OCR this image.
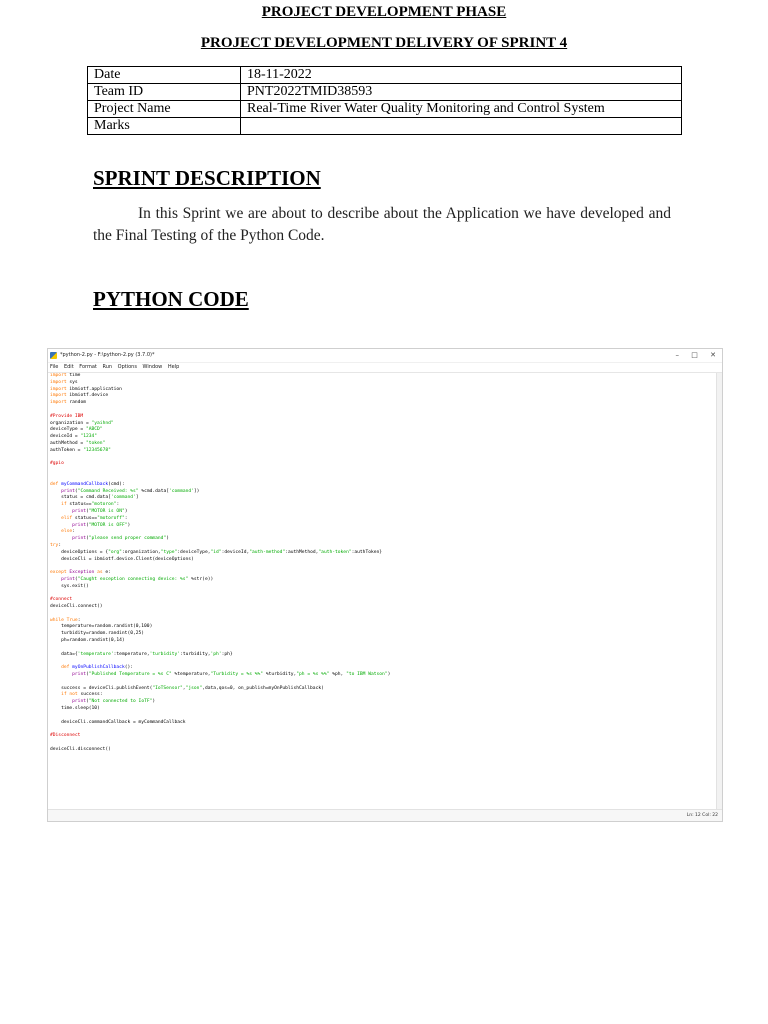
PROJECT DEVELOPMENT PHASE
PROJECT DEVELOPMENT DELIVERY OF SPRINT 4
Date	18-11-2022
Team ID	PNT2022TMID38593
Project Name	Real-Time River Water Quality Monitoring and Control System
Marks	
SPRINT DESCRIPTION
In this Sprint we are about to describe about the Application we have developed and the Final Testing of the Python Code.
PYTHON CODE
*python-2.py - F:\python-2.py (3.7.0)*	– □ ✕
File Edit Format Run Options Window Help
import time
import sys
import ibmiotf.application
import ibmiotf.device
import random

#Provide IBM
organization = "yaihnd"
deviceType = "ABCD"
deviceId = "1234"
authMethod = "token"
authToken = "12345678"

#gpio

def myCommandCallback(cmd):
print("Command Received: %s" %cmd.data['command'])
status = cmd.data['command']
if status=="motoron":
print("MOTOR is ON")
elif status=="motoroff":
print("MOTOR is OFF")
else:
print("please send proper command")
try:
deviceOptions = {"org":organization,"type":deviceType,"id":deviceId,"auth-method":authMethod,"auth-token":authToken}
deviceCli = ibmiotf.device.Client(deviceOptions)

except Exception as e:
print("Caught exception connecting device: %s" %str(e))
sys.exit()

#connect
deviceCli.connect()

while True:
temperature=random.randint(0,100)
turbidity=random.randint(0,25)
ph=random.randint(0,14)

data={'temperature':temperature,'turbidity':turbidity,'ph':ph}

def myOnPublishCallback():
print("Published Temperature = %s C" %temperature,"Turbidity = %s %%" %turbidity,"ph = %s %%" %ph, "to IBM Watson")

success = deviceCli.publishEvent("IoTSensor","json",data,qos=0, on_publish=myOnPublishCallback)
if not success:
print("Not connected to IoTF")
time.sleep(10)

deviceCli.commandCallback = myCommandCallback

#Disconnect

deviceCli.disconnect()
Ln: 12 Col: 22
